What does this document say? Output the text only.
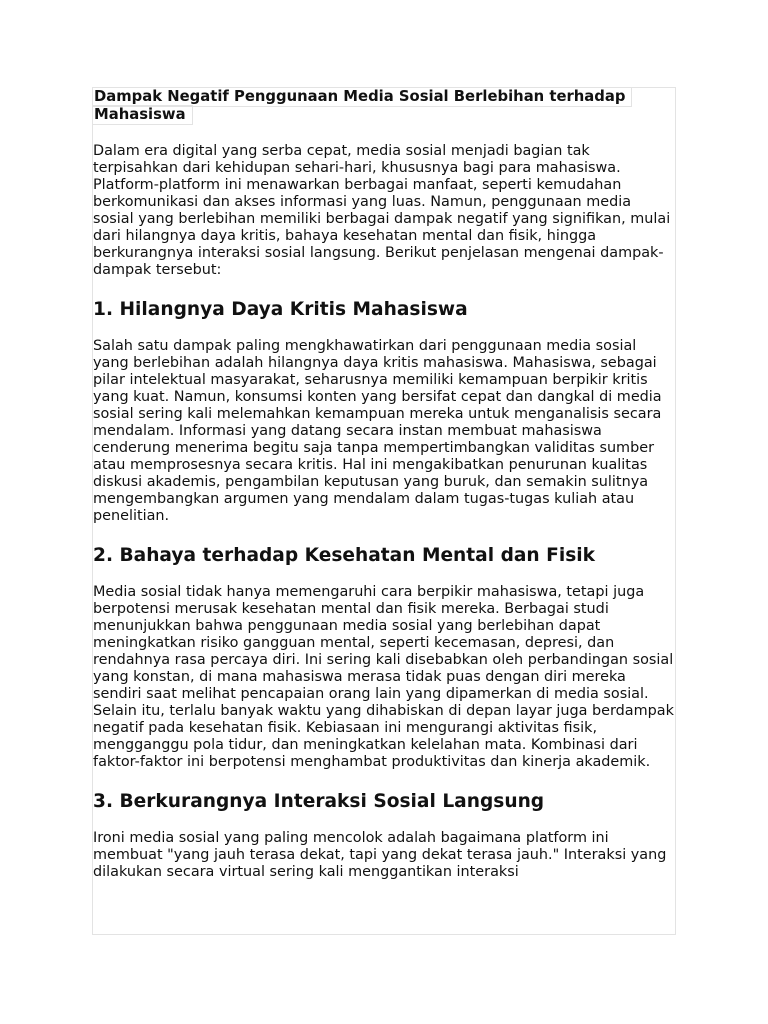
Dampak Negatif Penggunaan Media Sosial Berlebihan terhadap Mahasiswa

Dalam era digital yang serba cepat, media sosial menjadi bagian tak terpisahkan dari kehidupan sehari-hari, khususnya bagi para mahasiswa. Platform-platform ini menawarkan berbagai manfaat, seperti kemudahan berkomunikasi dan akses informasi yang luas. Namun, penggunaan media sosial yang berlebihan memiliki berbagai dampak negatif yang signifikan, mulai dari hilangnya daya kritis, bahaya kesehatan mental dan fisik, hingga berkurangnya interaksi sosial langsung. Berikut penjelasan mengenai dampak-dampak tersebut:

1. Hilangnya Daya Kritis Mahasiswa

Salah satu dampak paling mengkhawatirkan dari penggunaan media sosial yang berlebihan adalah hilangnya daya kritis mahasiswa. Mahasiswa, sebagai pilar intelektual masyarakat, seharusnya memiliki kemampuan berpikir kritis yang kuat. Namun, konsumsi konten yang bersifat cepat dan dangkal di media sosial sering kali melemahkan kemampuan mereka untuk menganalisis secara mendalam. Informasi yang datang secara instan membuat mahasiswa cenderung menerima begitu saja tanpa mempertimbangkan validitas sumber atau memprosesnya secara kritis. Hal ini mengakibatkan penurunan kualitas diskusi akademis, pengambilan keputusan yang buruk, dan semakin sulitnya mengembangkan argumen yang mendalam dalam tugas-tugas kuliah atau penelitian.

2. Bahaya terhadap Kesehatan Mental dan Fisik

Media sosial tidak hanya memengaruhi cara berpikir mahasiswa, tetapi juga berpotensi merusak kesehatan mental dan fisik mereka. Berbagai studi menunjukkan bahwa penggunaan media sosial yang berlebihan dapat meningkatkan risiko gangguan mental, seperti kecemasan, depresi, dan rendahnya rasa percaya diri. Ini sering kali disebabkan oleh perbandingan sosial yang konstan, di mana mahasiswa merasa tidak puas dengan diri mereka sendiri saat melihat pencapaian orang lain yang dipamerkan di media sosial. Selain itu, terlalu banyak waktu yang dihabiskan di depan layar juga berdampak negatif pada kesehatan fisik. Kebiasaan ini mengurangi aktivitas fisik, mengganggu pola tidur, dan meningkatkan kelelahan mata. Kombinasi dari faktor-faktor ini berpotensi menghambat produktivitas dan kinerja akademik.

3. Berkurangnya Interaksi Sosial Langsung

Ironi media sosial yang paling mencolok adalah bagaimana platform ini membuat "yang jauh terasa dekat, tapi yang dekat terasa jauh." Interaksi yang dilakukan secara virtual sering kali menggantikan interaksi
